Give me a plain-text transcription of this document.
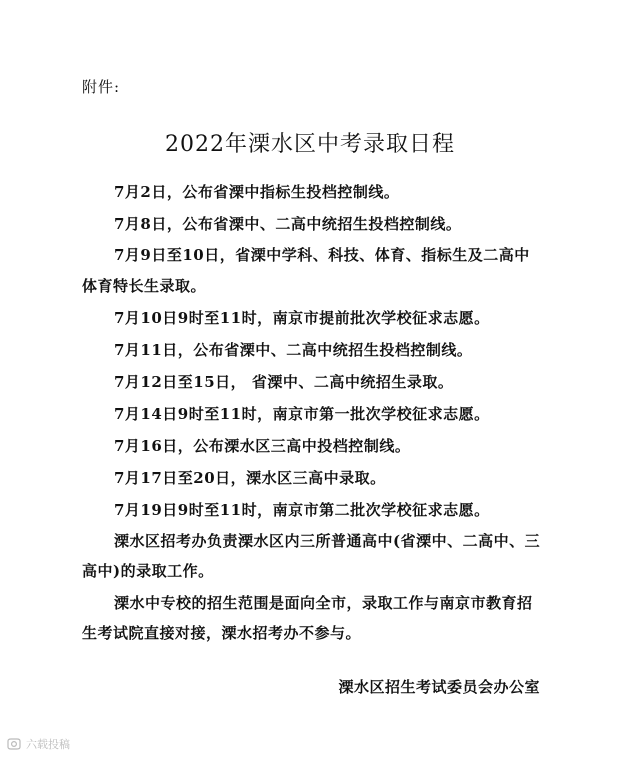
附件:
2022年溧水区中考录取日程
7月2日，公布省溧中指标生投档控制线。
7月8日，公布省溧中、二高中统招生投档控制线。
7月9日至10日，省溧中学科、科技、体育、指标生及二高中体育特长生录取。
7月10日9时至11时，南京市提前批次学校征求志愿。
7月11日，公布省溧中、二高中统招生投档控制线。
7月12日至15日， 省溧中、二高中统招生录取。
7月14日9时至11时，南京市第一批次学校征求志愿。
7月16日，公布溧水区三高中投档控制线。
7月17日至20日，溧水区三高中录取。
7月19日9时至11时，南京市第二批次学校征求志愿。

溧水区招考办负责溧水区内三所普通高中(省溧中、二高中、三高中)的录取工作。

溧水中专校的招生范围是面向全市，录取工作与南京市教育招生考试院直接对接，溧水招考办不参与。

溧水区招生考试委员会办公室
六载投稿
